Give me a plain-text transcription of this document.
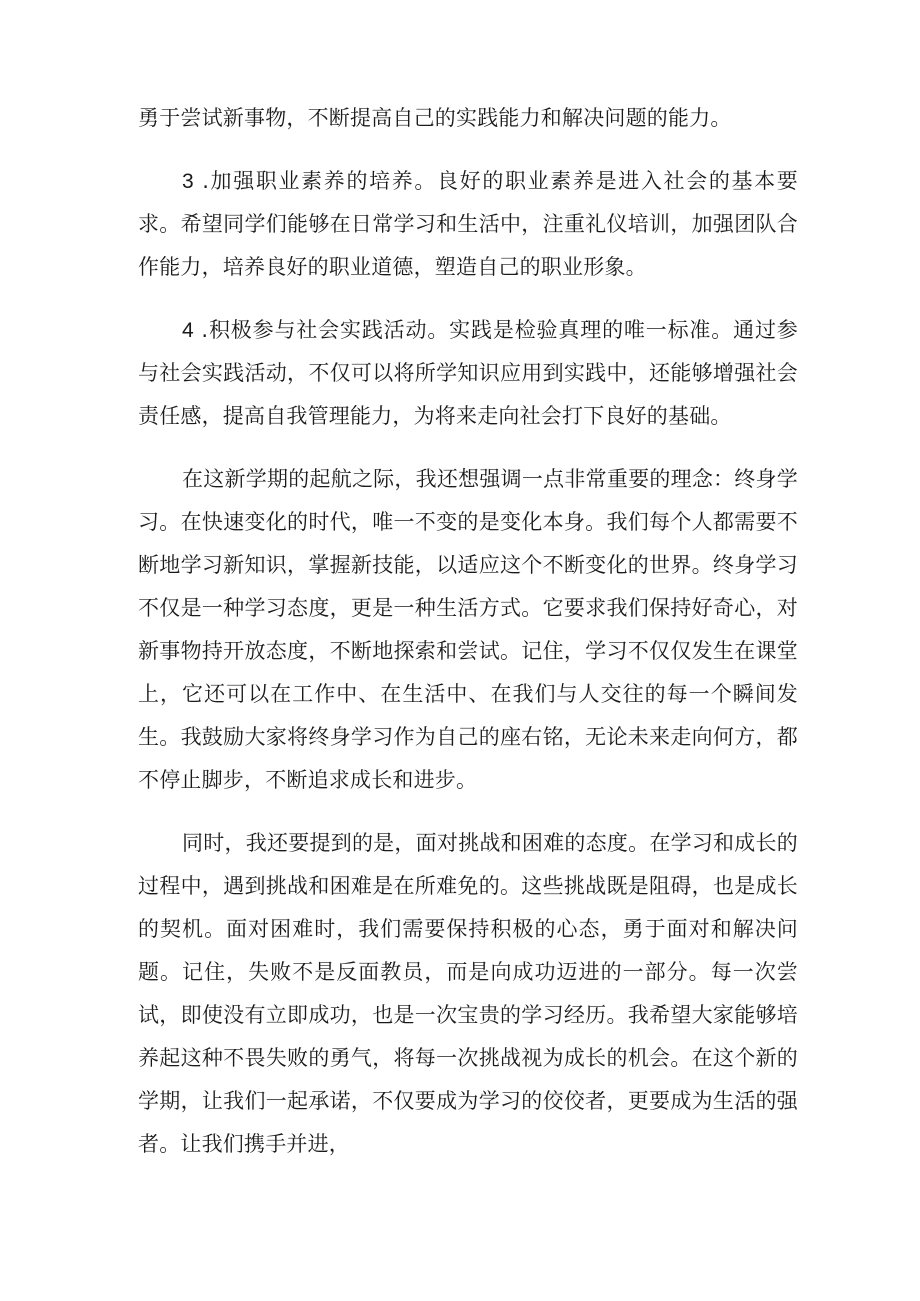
勇于尝试新事物，不断提高自己的实践能力和解决问题的能力。

3 .加强职业素养的培养。良好的职业素养是进入社会的基本要求。希望同学们能够在日常学习和生活中，注重礼仪培训，加强团队合作能力，培养良好的职业道德，塑造自己的职业形象。

4 .积极参与社会实践活动。实践是检验真理的唯一标准。通过参与社会实践活动，不仅可以将所学知识应用到实践中，还能够增强社会责任感，提高自我管理能力，为将来走向社会打下良好的基础。

在这新学期的起航之际，我还想强调一点非常重要的理念：终身学习。在快速变化的时代，唯一不变的是变化本身。我们每个人都需要不断地学习新知识，掌握新技能，以适应这个不断变化的世界。终身学习不仅是一种学习态度，更是一种生活方式。它要求我们保持好奇心，对新事物持开放态度，不断地探索和尝试。记住，学习不仅仅发生在课堂上，它还可以在工作中、在生活中、在我们与人交往的每一个瞬间发生。我鼓励大家将终身学习作为自己的座右铭，无论未来走向何方，都不停止脚步，不断追求成长和进步。

同时，我还要提到的是，面对挑战和困难的态度。在学习和成长的过程中，遇到挑战和困难是在所难免的。这些挑战既是阻碍，也是成长的契机。面对困难时，我们需要保持积极的心态，勇于面对和解决问题。记住，失败不是反面教员，而是向成功迈进的一部分。每一次尝试，即使没有立即成功，也是一次宝贵的学习经历。我希望大家能够培养起这种不畏失败的勇气，将每一次挑战视为成长的机会。在这个新的学期，让我们一起承诺，不仅要成为学习的佼佼者，更要成为生活的强者。让我们携手并进，
